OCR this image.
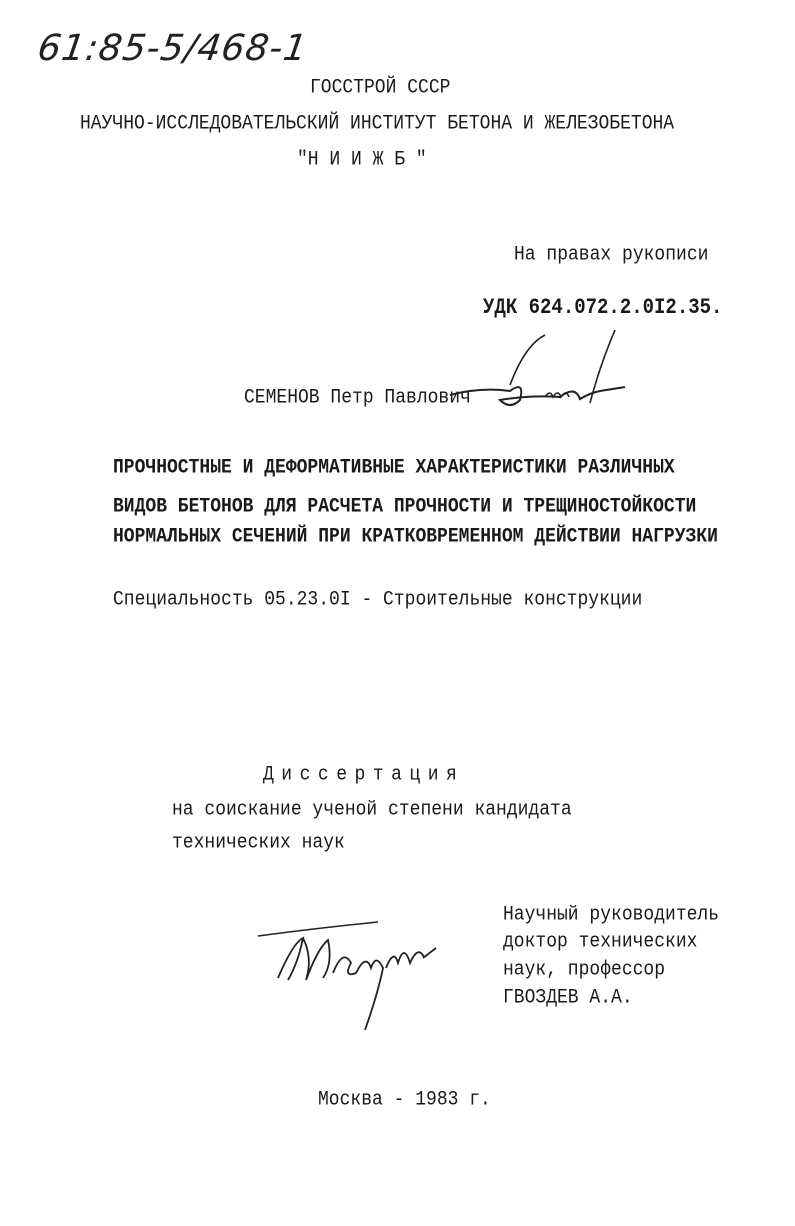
61:85-5/468-1
ГОССТРОЙ СССР
НАУЧНО-ИССЛЕДОВАТЕЛЬСКИЙ ИНСТИТУТ БЕТОНА И ЖЕЛЕЗОБЕТОНА
"Н И И Ж Б "
На правах рукописи
УДК 624.072.2.0I2.35.
СЕМЕНОВ Петр Павлович
ПРОЧНОСТНЫЕ И ДЕФОРМАТИВНЫЕ ХАРАКТЕРИСТИКИ РАЗЛИЧНЫХ
ВИДОВ БЕТОНОВ ДЛЯ РАСЧЕТА ПРОЧНОСТИ И ТРЕЩИНОСТОЙКОСТИ
НОРМАЛЬНЫХ СЕЧЕНИЙ ПРИ КРАТКОВРЕМЕННОМ ДЕЙСТВИИ НАГРУЗКИ
Специальность 05.23.0I - Строительные конструкции
Диссертация
на соискание ученой степени кандидата
технических наук
Научный руководитель
доктор технических
наук, профессор
ГВОЗДЕВ А.А.
Москва - 1983 г.
